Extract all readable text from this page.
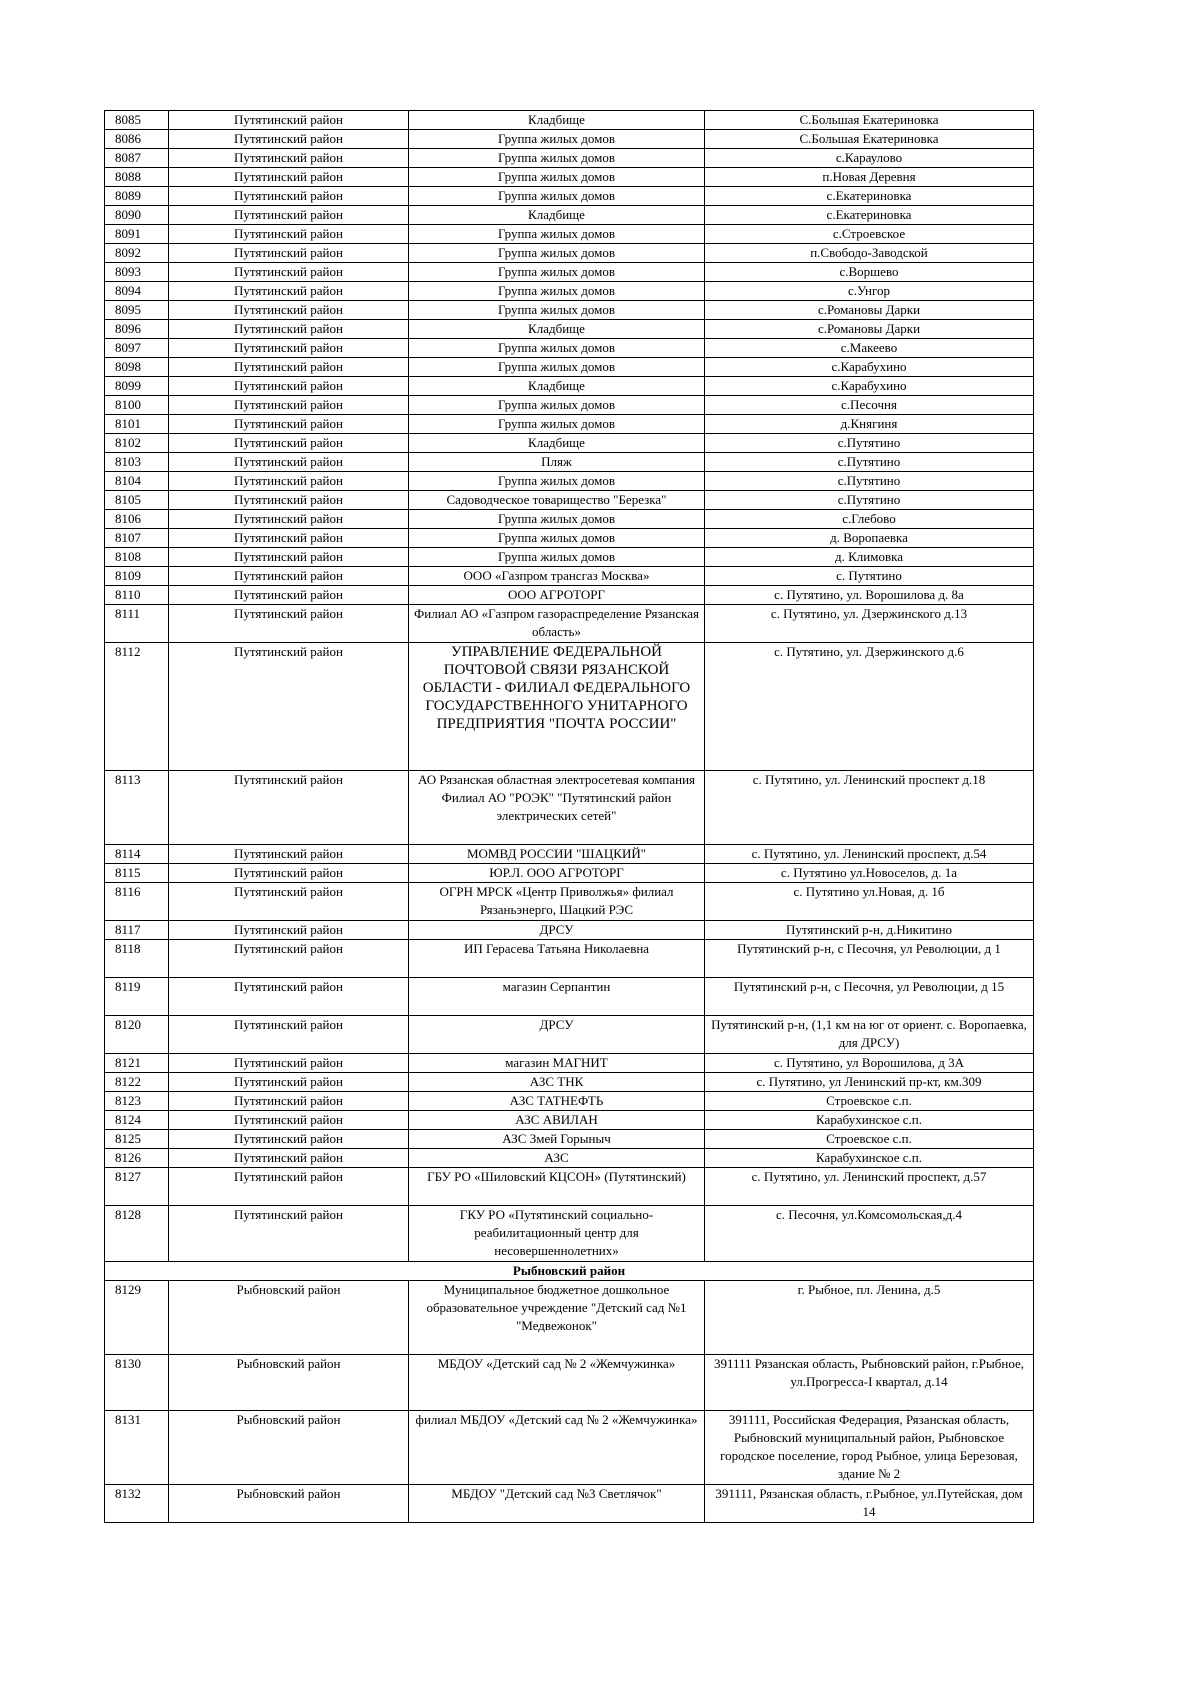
8085	Путятинский район	Кладбище	С.Большая Екатериновка
8086	Путятинский район	Группа жилых домов	С.Большая Екатериновка
8087	Путятинский район	Группа жилых домов	с.Караулово
8088	Путятинский район	Группа жилых домов	п.Новая Деревня
8089	Путятинский район	Группа жилых домов	с.Екатериновка
8090	Путятинский район	Кладбище	с.Екатериновка
8091	Путятинский район	Группа жилых домов	с.Строевское
8092	Путятинский район	Группа жилых домов	п.Свободо-Заводской
8093	Путятинский район	Группа жилых домов	с.Воршево
8094	Путятинский район	Группа жилых домов	с.Унгор
8095	Путятинский район	Группа жилых домов	с.Романовы Дарки
8096	Путятинский район	Кладбище	с.Романовы Дарки
8097	Путятинский район	Группа жилых домов	с.Макеево
8098	Путятинский район	Группа жилых домов	с.Карабухино
8099	Путятинский район	Кладбище	с.Карабухино
8100	Путятинский район	Группа жилых домов	с.Песочня
8101	Путятинский район	Группа жилых домов	д.Княгиня
8102	Путятинский район	Кладбище	с.Путятино
8103	Путятинский район	Пляж	с.Путятино
8104	Путятинский район	Группа жилых домов	с.Путятино
8105	Путятинский район	Садоводческое товарищество "Березка"	с.Путятино
8106	Путятинский район	Группа жилых домов	с.Глебово
8107	Путятинский район	Группа жилых домов	д. Воропаевка
8108	Путятинский район	Группа жилых домов	д. Климовка
8109	Путятинский район	ООО «Газпром трансгаз Москва»	с. Путятино
8110	Путятинский район	ООО АГРОТОРГ	с. Путятино, ул. Ворошилова д. 8а
8111	Путятинский район	Филиал АО «Газпром газораспределение Рязанская область»	с. Путятино, ул. Дзержинского д.13
8112	Путятинский район	УПРАВЛЕНИЕ ФЕДЕРАЛЬНОЙ ПОЧТОВОЙ СВЯЗИ РЯЗАНСКОЙ ОБЛАСТИ - ФИЛИАЛ ФЕДЕРАЛЬНОГО ГОСУДАРСТВЕННОГО УНИТАРНОГО ПРЕДПРИЯТИЯ "ПОЧТА РОССИИ"	с. Путятино, ул. Дзержинского д.6
8113	Путятинский район	АО Рязанская областная электросетевая компания Филиал АО "РОЭК" "Путятинский район электрических сетей"	с. Путятино, ул. Ленинский проспект д.18
8114	Путятинский район	МОМВД РОССИИ "ШАЦКИЙ"	с. Путятино, ул. Ленинский проспект, д.54
8115	Путятинский район	ЮР.Л. ООО АГРОТОРГ	с. Путятино ул.Новоселов, д. 1а
8116	Путятинский район	ОГРН МРСК «Центр Приволжья» филиал Рязаньэнерго, Шацкий РЭС	с. Путятино ул.Новая, д. 1б
8117	Путятинский район	ДРСУ	Путятинский р-н, д.Никитино
8118	Путятинский район	ИП Герасева Татьяна Николаевна	Путятинский р-н, с Песочня, ул Революции, д 1
8119	Путятинский район	магазин Серпантин	Путятинский р-н, с Песочня, ул Революции, д 15
8120	Путятинский район	ДРСУ	Путятинский р-н, (1,1 км на юг от ориент. с. Воропаевка, для ДРСУ)
8121	Путятинский район	магазин МАГНИТ	с. Путятино, ул Ворошилова, д 3А
8122	Путятинский район	АЗС ТНК	с. Путятино, ул Ленинский пр-кт, км.309
8123	Путятинский район	АЗС ТАТНЕФТЬ	Строевское с.п.
8124	Путятинский район	АЗС АВИЛАН	Карабухинское с.п.
8125	Путятинский район	АЗС Змей Горыныч	Строевское с.п.
8126	Путятинский район	АЗС	Карабухинское с.п.
8127	Путятинский район	ГБУ РО «Шиловский КЦСОН» (Путятинский)	с. Путятино, ул. Ленинский проспект, д.57
8128	Путятинский район	ГКУ РО «Путятинский социально-реабилитационный центр для несовершеннолетних»	с. Песочня, ул.Комсомольская,д.4
Рыбновский район			
8129	Рыбновский район	Муниципальное бюджетное дошкольное образовательное учреждение "Детский сад №1 "Медвежонок"	г. Рыбное, пл. Ленина, д.5
8130	Рыбновский район	МБДОУ «Детский сад № 2 «Жемчужинка»	391111 Рязанская область, Рыбновский район, г.Рыбное, ул.Прогресса-I квартал, д.14
8131	Рыбновский район	филиал МБДОУ «Детский сад № 2 «Жемчужинка»	391111, Российская Федерация, Рязанская область, Рыбновский муниципальный район, Рыбновское городское поселение, город Рыбное, улица Березовая, здание № 2
8132	Рыбновский район	МБДОУ "Детский сад №3 Светлячок"	391111, Рязанская область, г.Рыбное, ул.Путейская, дом 14
